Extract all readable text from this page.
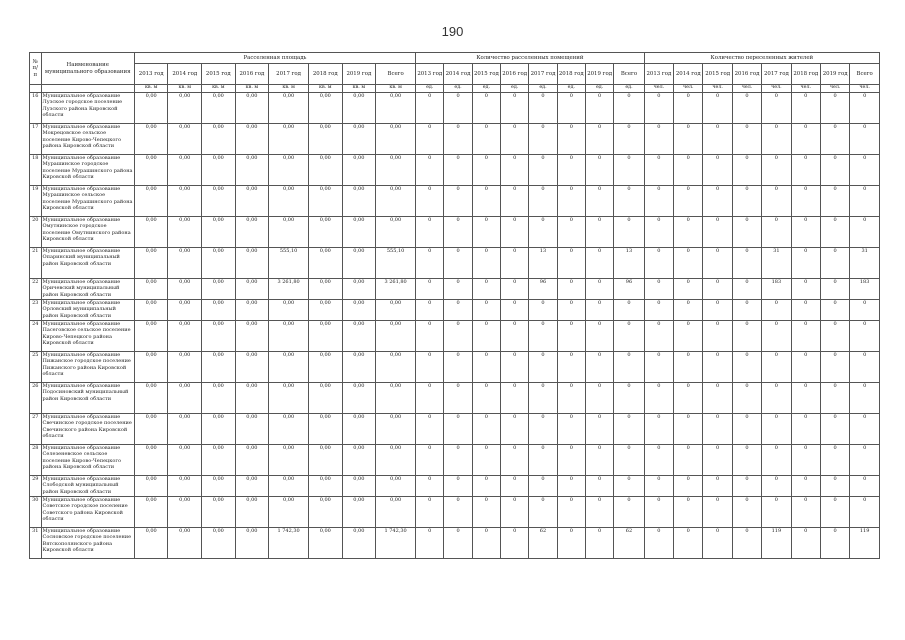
190
№ п/п	Наименование муниципального образования	Расселенная площадь								Количество расселенных помещений								Количество переселенных жителей							
		2013 год	2014 год	2015 год	2016 год	2017 год	2018 год	2019 год	Всего	2013 год	2014 год	2015 год	2016 год	2017 год	2018 год	2019 год	Всего	2013 год	2014 год	2015 год	2016 год	2017 год	2018 год	2019 год	Всего
		кв. м	кв. м	кв. м	кв. м	кв. м	кв. м	кв. м	кв. м	ед.	ед.	ед.	ед.	ед.	ед.	ед.	ед.	чел.	чел.	чел.	чел.	чел.	чел.	чел.	чел.
16	Муниципальное образование Лузское городское поселение Лузского района Кировской области	0,00	0,00	0,00	0,00	0,00	0,00	0,00	0,00	0	0	0	0	0	0	0	0	0	0	0	0	0	0	0	0
17	Муниципальное образование Мокрецовское сельское поселение Кирово-Чепецкого района Кировской области	0,00	0,00	0,00	0,00	0,00	0,00	0,00	0,00	0	0	0	0	0	0	0	0	0	0	0	0	0	0	0	0
18	Муниципальное образование Мурашинское городское поселение Мурашинского района Кировской области	0,00	0,00	0,00	0,00	0,00	0,00	0,00	0,00	0	0	0	0	0	0	0	0	0	0	0	0	0	0	0	0
19	Муниципальное образование Мурашинское сельское поселение Мурашинского района Кировской области	0,00	0,00	0,00	0,00	0,00	0,00	0,00	0,00	0	0	0	0	0	0	0	0	0	0	0	0	0	0	0	0
20	Муниципальное образование Омутнинское городское поселение Омутнинского района Кировской области	0,00	0,00	0,00	0,00	0,00	0,00	0,00	0,00	0	0	0	0	0	0	0	0	0	0	0	0	0	0	0	0
21	Муниципальное образование Опаринский муниципальный район Кировской области	0,00	0,00	0,00	0,00	555,10	0,00	0,00	555,10	0	0	0	0	13	0	0	13	0	0	0	0	31	0	0	31
22	Муниципальное образование Оричевский муниципальный район Кировской области	0,00	0,00	0,00	0,00	3 261,80	0,00	0,00	3 261,80	0	0	0	0	96	0	0	96	0	0	0	0	183	0	0	183
23	Муниципальное образование Орловский муниципальный район Кировской области	0,00	0,00	0,00	0,00	0,00	0,00	0,00	0,00	0	0	0	0	0	0	0	0	0	0	0	0	0	0	0	0
24	Муниципальное образование Пасеговское сельское поселение Кирово-Чепецкого района Кировской области	0,00	0,00	0,00	0,00	0,00	0,00	0,00	0,00	0	0	0	0	0	0	0	0	0	0	0	0	0	0	0	0
25	Муниципальное образование Пижанское городское поселение Пижанского района Кировской области	0,00	0,00	0,00	0,00	0,00	0,00	0,00	0,00	0	0	0	0	0	0	0	0	0	0	0	0	0	0	0	0
26	Муниципальное образование Подосиновский муниципальный район Кировской области	0,00	0,00	0,00	0,00	0,00	0,00	0,00	0,00	0	0	0	0	0	0	0	0	0	0	0	0	0	0	0	0
27	Муниципальное образование Свечинское городское поселение Свечинского района Кировской области	0,00	0,00	0,00	0,00	0,00	0,00	0,00	0,00	0	0	0	0	0	0	0	0	0	0	0	0	0	0	0	0
28	Муниципальное образование Селезеневское сельское поселение Кирово-Чепецкого района Кировской области	0,00	0,00	0,00	0,00	0,00	0,00	0,00	0,00	0	0	0	0	0	0	0	0	0	0	0	0	0	0	0	0
29	Муниципальное образование Слободской муниципальный район Кировской области	0,00	0,00	0,00	0,00	0,00	0,00	0,00	0,00	0	0	0	0	0	0	0	0	0	0	0	0	0	0	0	0
30	Муниципальное образование Советское городское поселение Советского района Кировской области	0,00	0,00	0,00	0,00	0,00	0,00	0,00	0,00	0	0	0	0	0	0	0	0	0	0	0	0	0	0	0	0
31	Муниципальное образование Сосновское городское поселение Вятскополянского района Кировской области	0,00	0,00	0,00	0,00	1 742,30	0,00	0,00	1 742,30	0	0	0	0	62	0	0	62	0	0	0	0	119	0	0	119
